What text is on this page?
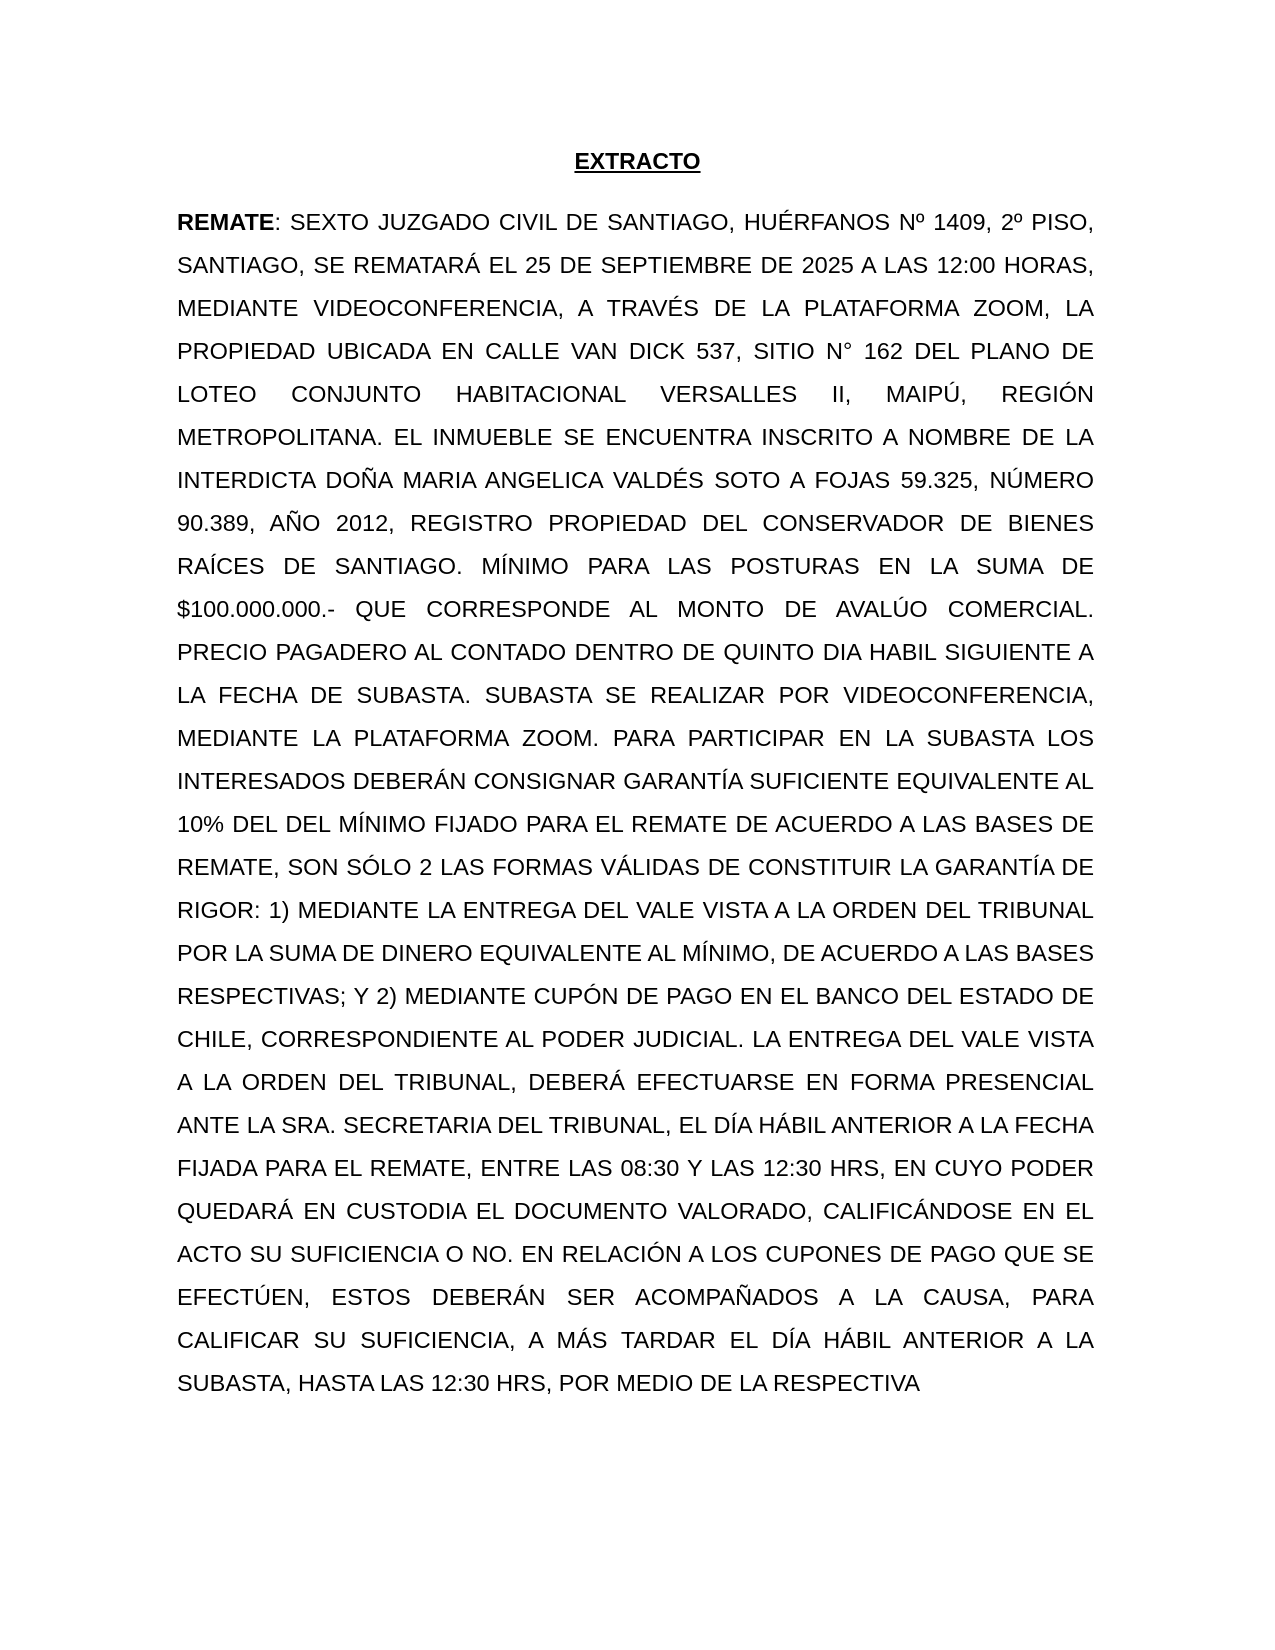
EXTRACTO

REMATE: SEXTO JUZGADO CIVIL DE SANTIAGO, HUÉRFANOS Nº 1409, 2º PISO, SANTIAGO, SE REMATARÁ EL 25 DE SEPTIEMBRE DE 2025 A LAS 12:00 HORAS, MEDIANTE VIDEOCONFERENCIA, A TRAVÉS DE LA PLATAFORMA ZOOM, LA PROPIEDAD UBICADA EN CALLE VAN DICK 537, SITIO N° 162 DEL PLANO DE LOTEO CONJUNTO HABITACIONAL VERSALLES II, MAIPÚ, REGIÓN METROPOLITANA. EL INMUEBLE SE ENCUENTRA INSCRITO A NOMBRE DE LA INTERDICTA DOÑA MARIA ANGELICA VALDÉS SOTO A FOJAS 59.325, NÚMERO 90.389, AÑO 2012, REGISTRO PROPIEDAD DEL CONSERVADOR DE BIENES RAÍCES DE SANTIAGO. MÍNIMO PARA LAS POSTURAS EN LA SUMA DE $100.000.000.- QUE CORRESPONDE AL MONTO DE AVALÚO COMERCIAL. PRECIO PAGADERO AL CONTADO DENTRO DE QUINTO DIA HABIL SIGUIENTE A LA FECHA DE SUBASTA. SUBASTA SE REALIZAR POR VIDEOCONFERENCIA, MEDIANTE LA PLATAFORMA ZOOM. PARA PARTICIPAR EN LA SUBASTA LOS INTERESADOS DEBERÁN CONSIGNAR GARANTÍA SUFICIENTE EQUIVALENTE AL 10% DEL DEL MÍNIMO FIJADO PARA EL REMATE DE ACUERDO A LAS BASES DE REMATE, SON SÓLO 2 LAS FORMAS VÁLIDAS DE CONSTITUIR LA GARANTÍA DE RIGOR: 1) MEDIANTE LA ENTREGA DEL VALE VISTA A LA ORDEN DEL TRIBUNAL POR LA SUMA DE DINERO EQUIVALENTE AL MÍNIMO, DE ACUERDO A LAS BASES RESPECTIVAS; Y 2) MEDIANTE CUPÓN DE PAGO EN EL BANCO DEL ESTADO DE CHILE, CORRESPONDIENTE AL PODER JUDICIAL. LA ENTREGA DEL VALE VISTA A LA ORDEN DEL TRIBUNAL, DEBERÁ EFECTUARSE EN FORMA PRESENCIAL ANTE LA SRA. SECRETARIA DEL TRIBUNAL, EL DÍA HÁBIL ANTERIOR A LA FECHA FIJADA PARA EL REMATE, ENTRE LAS 08:30 Y LAS 12:30 HRS, EN CUYO PODER QUEDARÁ EN CUSTODIA EL DOCUMENTO VALORADO, CALIFICÁNDOSE EN EL ACTO SU SUFICIENCIA O NO. EN RELACIÓN A LOS CUPONES DE PAGO QUE SE EFECTÚEN, ESTOS DEBERÁN SER ACOMPAÑADOS A LA CAUSA, PARA CALIFICAR SU SUFICIENCIA, A MÁS TARDAR EL DÍA HÁBIL ANTERIOR A LA SUBASTA, HASTA LAS 12:30 HRS, POR MEDIO DE LA RESPECTIVA
